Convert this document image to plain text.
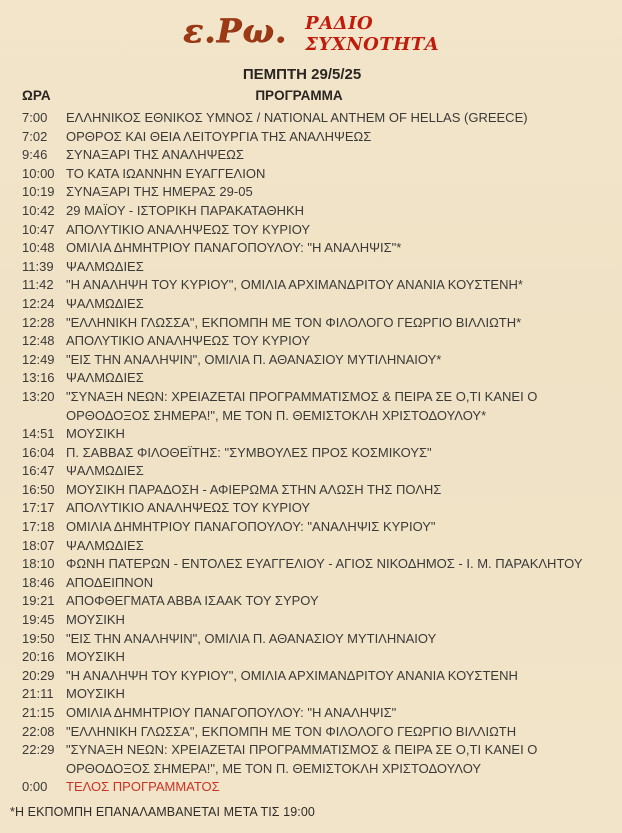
ε.Ρω. ΡΑΔΙΟ
ΣΥΧΝΟΤΗΤΑ
ΠΕΜΠΤΗ 29/5/25
ΩΡΑ	ΠΡΟΓΡΑΜΜΑ
7:00	ΕΛΛΗΝΙΚΟΣ ΕΘΝΙΚΟΣ ΥΜΝΟΣ / NATIONAL ANTHEM OF HELLAS (GREECE)
7:02	ΟΡΘΡΟΣ ΚΑΙ ΘΕΙΑ ΛΕΙΤΟΥΡΓΙΑ ΤΗΣ ΑΝΑΛΗΨΕΩΣ
9:46	ΣΥΝΑΞΑΡΙ ΤΗΣ ΑΝΑΛΗΨΕΩΣ
10:00 ΤΟ ΚΑΤΑ ΙΩΑΝΝΗΝ ΕΥΑΓΓΕΛΙΟΝ
10:19 ΣΥΝΑΞΑΡΙ ΤΗΣ ΗΜΕΡΑΣ 29-05
10:42 29 ΜΑΪΟΥ - ΙΣΤΟΡΙΚΗ ΠΑΡΑΚΑΤΑΘΗΚΗ
10:47 ΑΠΟΛΥΤΙΚΙΟ ΑΝΑΛΗΨΕΩΣ ΤΟΥ ΚΥΡΙΟΥ
10:48 ΟΜΙΛΙΑ ΔΗΜΗΤΡΙΟΥ ΠΑΝΑΓΟΠΟΥΛΟΥ: "Η ΑΝΑΛΗΨΙΣ"*
11:39 ΨΑΛΜΩΔΙΕΣ
11:42 "Η ΑΝΑΛΗΨΗ ΤΟΥ ΚΥΡΙΟΥ", ΟΜΙΛΙΑ ΑΡΧΙΜΑΝΔΡΙΤΟΥ ΑΝΑΝΙΑ ΚΟΥΣΤΕΝΗ*
12:24 ΨΑΛΜΩΔΙΕΣ
12:28 "ΕΛΛΗΝΙΚΗ ΓΛΩΣΣΑ", ΕΚΠΟΜΠΗ ΜΕ ΤΟΝ ΦΙΛΟΛΟΓΟ ΓΕΩΡΓΙΟ ΒΙΛΛΙΩΤΗ*
12:48 ΑΠΟΛΥΤΙΚΙΟ ΑΝΑΛΗΨΕΩΣ ΤΟΥ ΚΥΡΙΟΥ
12:49 "ΕΙΣ ΤΗΝ ΑΝΑΛΗΨΙΝ", ΟΜΙΛΙΑ Π. ΑΘΑΝΑΣΙΟΥ ΜΥΤΙΛΗΝΑΙΟΥ*
13:16 ΨΑΛΜΩΔΙΕΣ
13:20 "ΣΥΝΑΞΗ ΝΕΩΝ: ΧΡΕΙΑΖΕΤΑΙ ΠΡΟΓΡΑΜΜΑΤΙΣΜΟΣ & ΠΕΙΡΑ ΣΕ Ο,ΤΙ ΚΑΝΕΙ Ο ΟΡΘΟΔΟΞΟΣ ΣΗΜΕΡΑ!", ΜΕ ΤΟΝ Π. ΘΕΜΙΣΤΟΚΛΗ ΧΡΙΣΤΟΔΟΥΛΟΥ*
14:51 ΜΟΥΣΙΚΗ
16:04 Π. ΣΑΒΒΑΣ ΦΙΛΟΘΕΪΤΗΣ: "ΣΥΜΒΟΥΛΕΣ ΠΡΟΣ ΚΟΣΜΙΚΟΥΣ"
16:47 ΨΑΛΜΩΔΙΕΣ
16:50 ΜΟΥΣΙΚΗ ΠΑΡΑΔΟΣΗ - ΑΦΙΕΡΩΜΑ ΣΤΗΝ ΑΛΩΣΗ ΤΗΣ ΠΟΛΗΣ
17:17 ΑΠΟΛΥΤΙΚΙΟ ΑΝΑΛΗΨΕΩΣ ΤΟΥ ΚΥΡΙΟΥ
17:18 ΟΜΙΛΙΑ ΔΗΜΗΤΡΙΟΥ ΠΑΝΑΓΟΠΟΥΛΟΥ: "ΑΝΑΛΗΨΙΣ ΚΥΡΙΟΥ"
18:07 ΨΑΛΜΩΔΙΕΣ
18:10 ΦΩΝΗ ΠΑΤΕΡΩΝ - ΕΝΤΟΛΕΣ ΕΥΑΓΓΕΛΙΟΥ - ΑΓΙΟΣ ΝΙΚΟΔΗΜΟΣ - Ι. Μ. ΠΑΡΑΚΛΗΤΟΥ
18:46 ΑΠΟΔΕΙΠΝΟΝ
19:21 ΑΠΟΦΘΕΓΜΑΤΑ ΑΒΒΑ ΙΣΑΑΚ ΤΟΥ ΣΥΡΟΥ
19:45 ΜΟΥΣΙΚΗ
19:50 "ΕΙΣ ΤΗΝ ΑΝΑΛΗΨΙΝ", ΟΜΙΛΙΑ Π. ΑΘΑΝΑΣΙΟΥ ΜΥΤΙΛΗΝΑΙΟΥ
20:16 ΜΟΥΣΙΚΗ
20:29 "Η ΑΝΑΛΗΨΗ ΤΟΥ ΚΥΡΙΟΥ", ΟΜΙΛΙΑ ΑΡΧΙΜΑΝΔΡΙΤΟΥ ΑΝΑΝΙΑ ΚΟΥΣΤΕΝΗ
21:11 ΜΟΥΣΙΚΗ
21:15 ΟΜΙΛΙΑ ΔΗΜΗΤΡΙΟΥ ΠΑΝΑΓΟΠΟΥΛΟΥ: "Η ΑΝΑΛΗΨΙΣ"
22:08 "ΕΛΛΗΝΙΚΗ ΓΛΩΣΣΑ", ΕΚΠΟΜΠΗ ΜΕ ΤΟΝ ΦΙΛΟΛΟΓΟ ΓΕΩΡΓΙΟ ΒΙΛΛΙΩΤΗ
22:29 "ΣΥΝΑΞΗ ΝΕΩΝ: ΧΡΕΙΑΖΕΤΑΙ ΠΡΟΓΡΑΜΜΑΤΙΣΜΟΣ & ΠΕΙΡΑ ΣΕ Ο,ΤΙ ΚΑΝΕΙ Ο ΟΡΘΟΔΟΞΟΣ ΣΗΜΕΡΑ!", ΜΕ ΤΟΝ Π. ΘΕΜΙΣΤΟΚΛΗ ΧΡΙΣΤΟΔΟΥΛΟΥ
0:00	ΤΕΛΟΣ ΠΡΟΓΡΑΜΜΑΤΟΣ
*Η ΕΚΠΟΜΠΗ ΕΠΑΝΑΛΑΜΒΑΝΕΤΑΙ ΜΕΤΑ ΤΙΣ 19:00
